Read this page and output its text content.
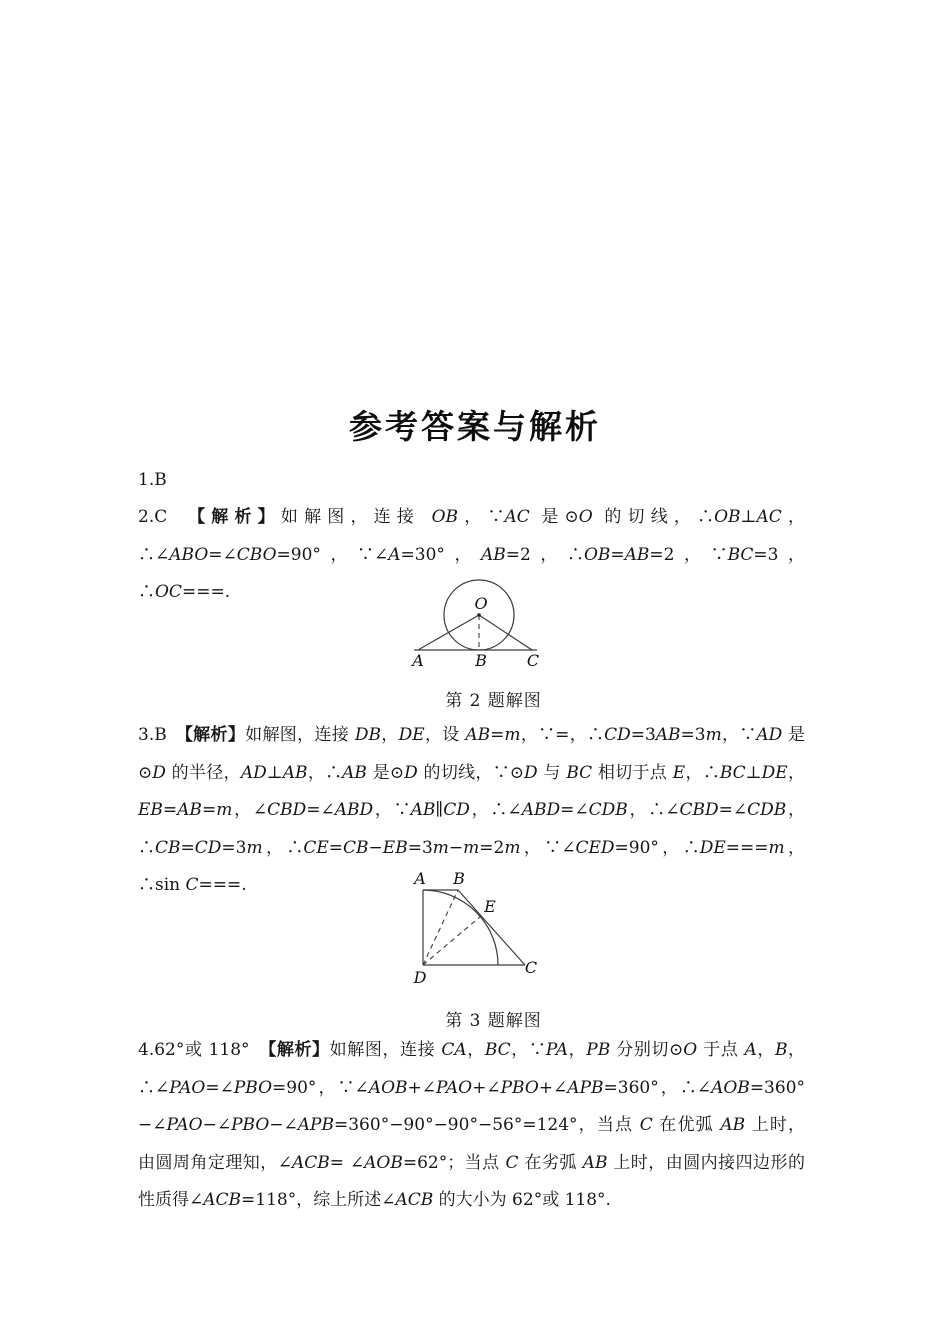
参考答案与解析

1.B

2.C　【解析】如解图，连接 OB，∵AC 是⊙O 的切线，∴OB⊥AC，∴∠ABO=∠CBO=90°，∵∠A=30°，AB=2，∴OB=AB=2，∵BC=3，∴OC===.

O
A	B C

第 2 题解图

3.B　【解析】如解图，连接 DB，DE，设 AB=m，∵=，∴CD=3AB=3m，∵AD 是⊙D 的半径，AD⊥AB，∴AB 是⊙D 的切线，∵⊙D 与 BC 相切于点 E，∴BC⊥DE，EB=AB=m，∠CBD=∠ABD，∵AB∥CD，∴∠ABD=∠CDB，∴∠CBD=∠CDB，∴CB=CD=3m，∴CE=CB−EB=3m−m=2m，∵∠CED=90°，∴DE===m，∴sin C===.	A B
E
D
C

第 3 题解图

4.62°或 118°　【解析】如解图，连接 CA，BC，∵PA，PB 分别切⊙O 于点 A，B，∴∠PAO=∠PBO=90°，∵∠AOB+∠PAO+∠PBO+∠APB=360°，∴∠AOB=360°−∠PAO−∠PBO−∠APB=360°−90°−90°−56°=124°，当点 C 在优弧 AB 上时，由圆周角定理知，∠ACB= ∠AOB=62°；当点 C 在劣弧 AB 上时，由圆内接四边形的性质得∠ACB=118°，综上所述∠ACB 的大小为 62°或 118°.
